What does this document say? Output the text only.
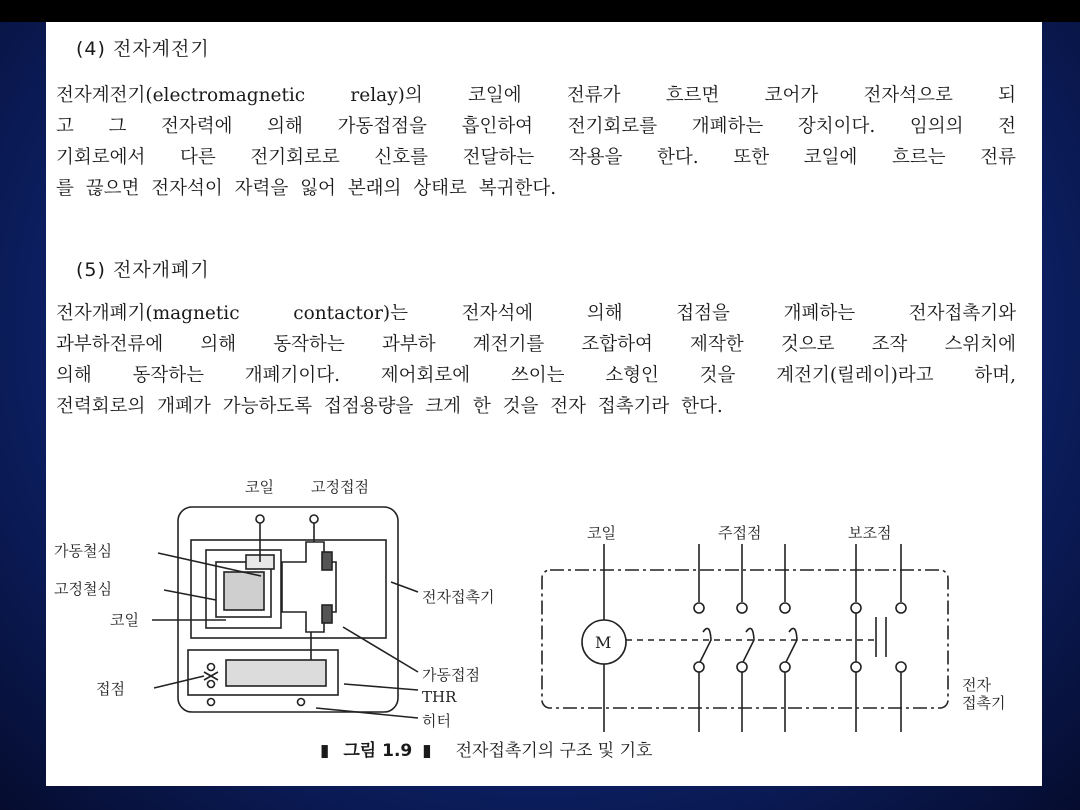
(4) 전자계전기
전자계전기(electromagnetic relay)의 코일에 전류가 흐르면 코어가 전자석으로 되
고 그 전자력에 의해 가동접점을 흡인하여 전기회로를 개폐하는 장치이다. 임의의 전
기회로에서 다른 전기회로로 신호를 전달하는 작용을 한다. 또한 코일에 흐르는 전류
를 끊으면 전자석이 자력을 잃어 본래의 상태로 복귀한다.
(5) 전자개폐기
전자개폐기(magnetic contactor)는 전자석에 의해 접점을 개폐하는 전자접촉기와
과부하전류에 의해 동작하는 과부하 계전기를 조합하여 제작한 것으로 조작 스위치에
의해 동작하는 개폐기이다. 제어회로에 쓰이는 소형인 것을 계전기(릴레이)라고 하며,
전력회로의 개폐가 가능하도록 접점용량을 크게 한 것을 전자 접촉기라 한다.
코일 고정접점
가동철심
고정철심
코일
전자접촉기
가동접점
THR
접점
히터
코일	주접점	보조점
M
전자
접촉기
▮ 그림 1.9 ▮ 전자접촉기의 구조 및 기호
